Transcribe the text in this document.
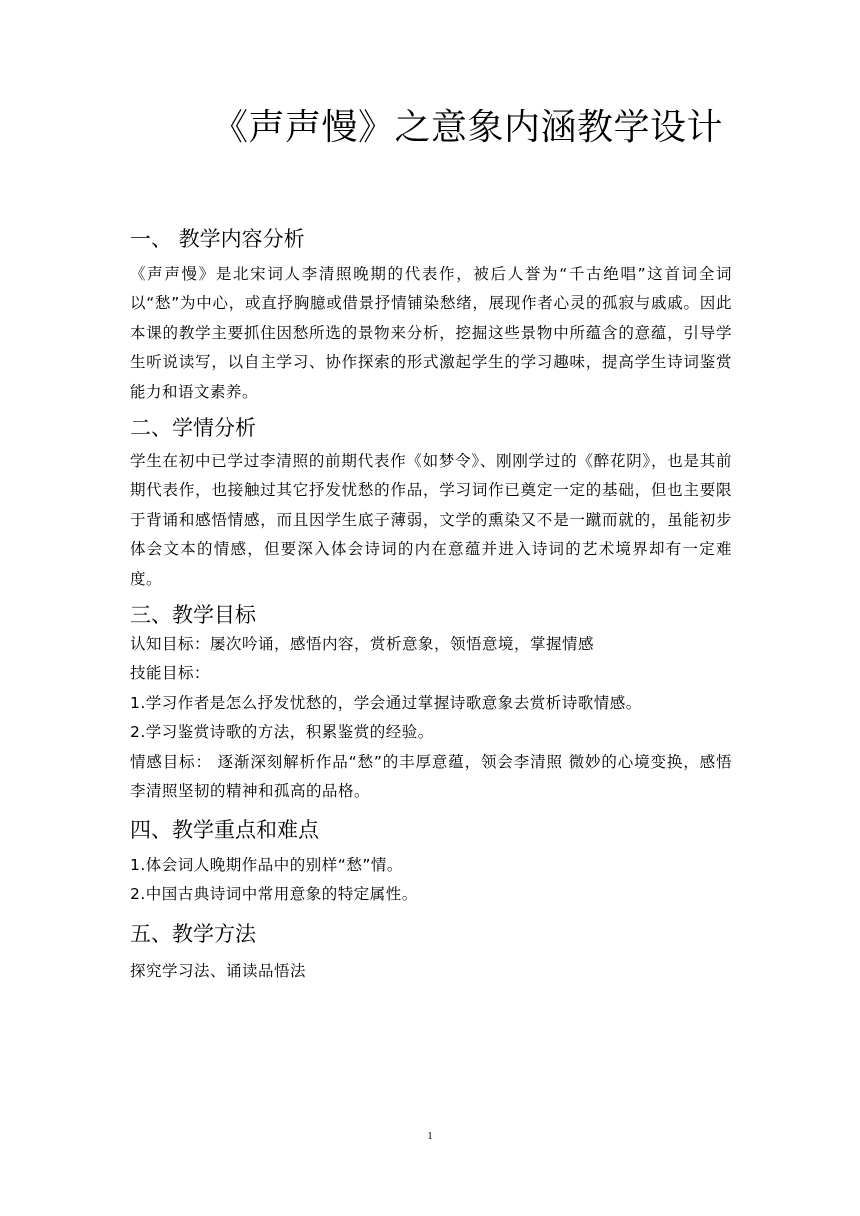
《声声慢》之意象内涵教学设计
一、 教学内容分析
《声声慢》是北宋词人李清照晚期的代表作，被后人誉为“千古绝唱”这首词全词以“愁”为中心，或直抒胸臆或借景抒情铺染愁绪，展现作者心灵的孤寂与戚戚。因此本课的教学主要抓住因愁所选的景物来分析，挖掘这些景物中所蕴含的意蕴，引导学生听说读写，以自主学习、协作探索的形式激起学生的学习趣味，提高学生诗词鉴赏能力和语文素养。
二、学情分析
学生在初中已学过李清照的前期代表作《如梦令》、刚刚学过的《醉花阴》，也是其前期代表作，也接触过其它抒发忧愁的作品，学习词作已奠定一定的基础，但也主要限于背诵和感悟情感，而且因学生底子薄弱，文学的熏染又不是一蹴而就的，虽能初步体会文本的情感，但要深入体会诗词的内在意蕴并进入诗词的艺术境界却有一定难度。
三、教学目标
认知目标：屡次吟诵，感悟内容，赏析意象，领悟意境，掌握情感
技能目标：
1.学习作者是怎么抒发忧愁的，学会通过掌握诗歌意象去赏析诗歌情感。
2.学习鉴赏诗歌的方法，积累鉴赏的经验。
情感目标： 逐渐深刻解析作品“愁”的丰厚意蕴，领会李清照 微妙的心境变换，感悟李清照坚韧的精神和孤高的品格。
四、教学重点和难点
1.体会词人晚期作品中的别样“愁”情。
2.中国古典诗词中常用意象的特定属性。
五、教学方法
探究学习法、诵读品悟法
1
